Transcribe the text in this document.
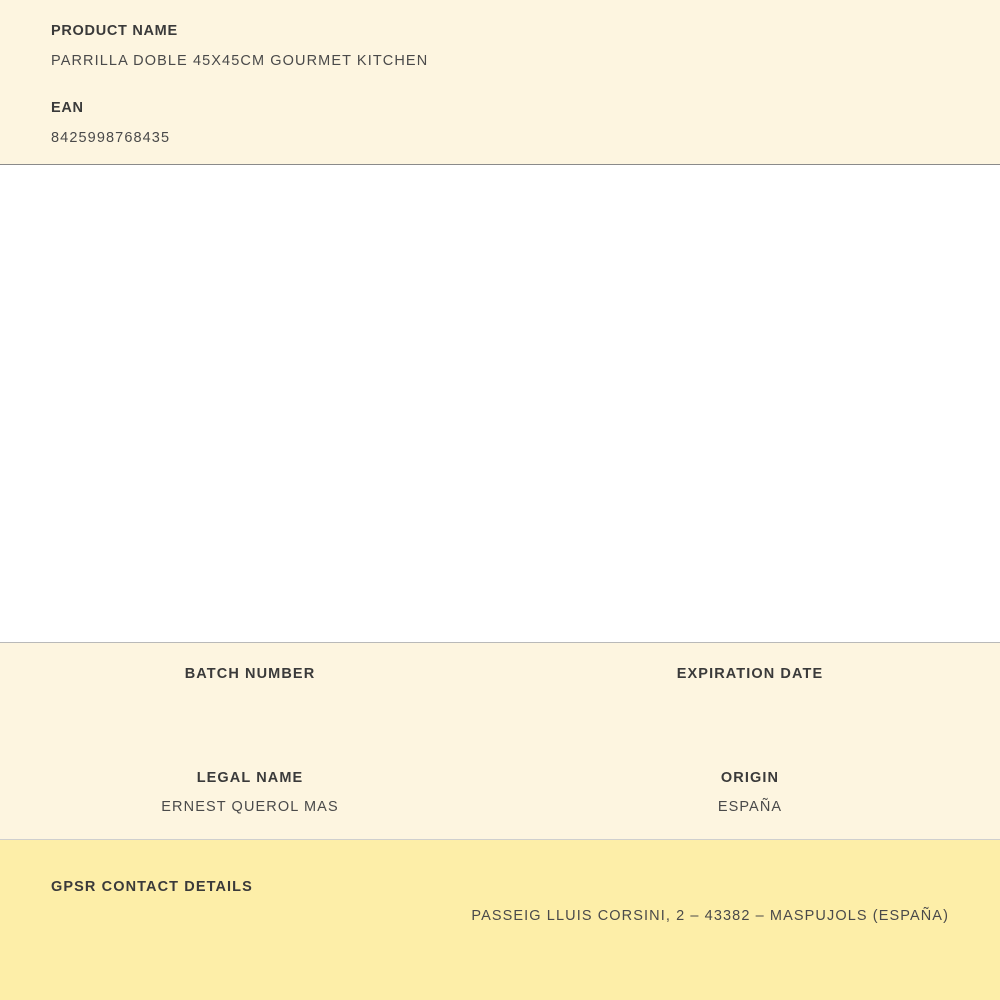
PRODUCT NAME
PARRILLA DOBLE 45X45CM GOURMET KITCHEN
EAN
8425998768435
BATCH NUMBER	EXPIRATION DATE
LEGAL NAME
ERNEST QUEROL MAS
ORIGIN
ESPAÑA
GPSR CONTACT DETAILS
PASSEIG LLUIS CORSINI, 2 – 43382 – MASPUJOLS (ESPAÑA)
